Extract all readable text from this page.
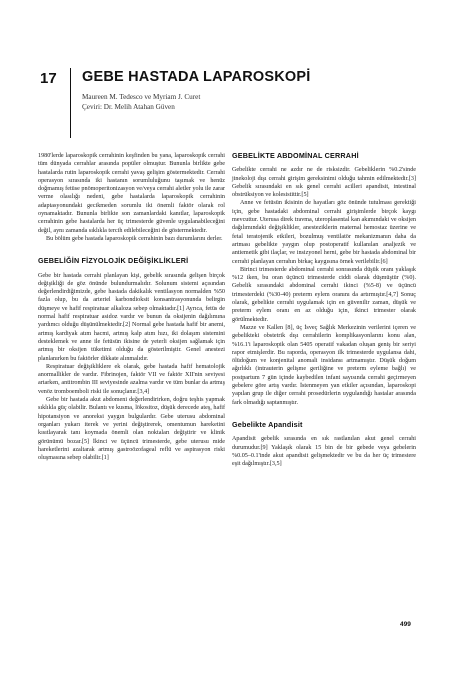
17 GEBE HASTADA LAPAROSKOPİ
Maureen M. Tedesco ve Myriam J. Curet
Çeviri: Dr. Melih Atahan Güven

1980'lerde laparoskopik cerrahinin keşfinden bu yana, laparoskopik cerrahi tüm dünyada cerrahlar arasında popüler olmuştur. Bununla birlikte gebe hastalarda rutin laparoskopik cerrahi yavaş gelişim göstermektedir. Cerrahi operasyon sırasında iki hastanın sorumluluğunu taşımak ve henüz doğmamış fetüse pnömoperitonizasyon ve/veya cerrahi aletler yolu ile zarar verme olasılığı nedeni, gebe hastalarda laparoskopik cerrahinin adaptasyonundaki gecikmeden sorumlu iki önemli faktör olarak rol oynamaktadır. Bununla birlikte son zamanlardaki kanıtlar, laparoskopik cerrahinin gebe hastalarda her üç trimesterde güvenle uygulanabileceğini değil, aynı zamanda sıklıkla tercih edilebileceğini de göstermektedir.

Bu bölüm gebe hastada laparoskopik cerrahinin bazı durumlarını derler.

GEBELİĞİN FİZYOLOJİK DEĞİŞİKLİKLERİ

Gebe bir hastada cerrahi planlayan kişi, gebelik sırasında gelişen birçok değişikliği de göz önünde bulundurmalıdır. Solunum sistemi açısından değerlendirdiğimizde, gebe hastada dakikalık ventilasyon normalden %50 fazla olup, bu da arteriel karbondioksit konsantrasyonunda belirgin düşmeye ve hafif respiratuar alkaloza sebep olmaktadır.[1] Ayrıca, fetüs de normal hafif respiratuar asidoz vardır ve bunun da oksijenin dağılımına yardımcı olduğu düşünülmektedir.[2] Normal gebe hastada hafif bir anemi, artmış kardiyak atım hacmi, artmış kalp atım hızı, iki dolaşım sistemini desteklemek ve anne ile fetüsün ikisine de yeterli oksijen sağlamak için artmış bir oksijen tüketimi olduğu da gösterilmiştir. Genel anestezi planlanırken bu faktörler dikkate alınmalıdır.

Respiratuar değişikliklere ek olarak, gebe hastada hafif hematolojik anormallikler de vardır. Fibrinojen, faktör VII ve faktör XII'nin seviyesi artarken, antitrombin III seviyesinde azalma vardır ve tüm bunlar da artmış venöz tromboemboli riski ile sonuçlanır.[3,4]

Gebe bir hastada akut abdomeni değerlendirirken, doğru teşhis yapmak sıklıkla güç olabilir. Bulantı ve kusma, lökositoz, düşük derecede ateş, hafif hipotansiyon ve anoreksi yaygın bulgulardır. Gebe uterusu abdominal organları yukarı iterek ve yerini değiştirerek, omentumun hareketini kısıtlayarak tanı koymada önemli olan noktaları değiştirir ve klinik görünümü bozar.[5] İkinci ve üçüncü trimesterde, gebe uterusu mide hareketlerini azaltarak artmış gastroözofageal reflü ve aspirasyon riski oluşmasına sebep olabilir.[1]

GEBELİKTE ABDOMİNAL CERRAHİ

Gebelikte cerrahi ne azdır ne de risksizdir. Gebeliklerin %0.2'sinde jinekoloji dışı cerrahi girişim gereksinimi olduğu tahmin edilmektedir.[3] Gebelik sırasındaki en sık genel cerrahi acilleri apandisit, intestinal obstrüksiyon ve kolesistittir.[5]

Anne ve fetüsün ikisinin de hayatları göz önünde tutulması gerektiği için, gebe hastadaki abdominal cerrahi girişimlerde birçok kaygı mevcuttur. Uterusa direk travma, uteroplasental kan akımındaki ve oksijen dağılımındaki değişiklikler, anesteziklerin maternal hemostaz üzerine ve fetal teratojenik etkileri, bozulmuş ventilatör mekanizmanın daha da artması gebelikte yaygın olup postoperatif kullanılan analjezik ve antiemetik gibi ilaçlar, ve insizyonel herni, gebe bir hastada abdominal bir cerrahi planlayan cerrahın birkaç kaygısına örnek verilebilir.[6]

Birinci trimesterde abdominal cerrahi sonrasında düşük oranı yaklaşık %12 iken, bu oran üçüncü trimesterde ciddi olarak düşmüştür (%0). Gebelik sırasındaki abdominal cerrahi ikinci (%5-8) ve üçüncü trimesterdeki (%30-40) preterm eylem oranını da artırmıştır.[4,7] Sonuç olarak, gebelikte cerrahi uygulamak için en güvenilir zaman, düşük ve preterm eylem oranı en az olduğu için, ikinci trimester olarak görülmektedir.

Mazze ve Kallen [8], üç İsveç Sağlık Merkezinin verilerini içeren ve gebelikteki obstetrik dışı cerrahilerin komplikasyonlarını konu alan, %16.1'i laparoskopik olan 5405 operatif vakadan oluşan geniş bir seriyi rapor etmişlerdir. Bu raporda, operasyon ilk trimesterde uygulansa dahi, ölüdoğum ve konjenital anomali insidansı artmamıştır. Düşük doğum ağırlıklı (intrauterin gelişme geriliğine ve preterm eyleme bağlı) ve postpartum 7 gün içinde kaybedilen infant sayısında cerrahi geçirmeyen gebelere göre artış vardır. İstenmeyen yan etkiler açısından, laparoskopi yapılan grup ile diğer cerrahi prosedürlerin uygulandığı hastalar arasında fark olmadığı saptanmıştır.

Gebelikte Apandisit

Apandisit gebelik sırasında en sık rastlanılan akut genel cerrahi durumudur.[9] Yaklaşık olarak 15 bin de bir gebede veya gebelerin %0.05–0.1'inde akut apandisit gelişmektedir ve bu da her üç trimestere eşit dağılmıştır.[3,5]

499
